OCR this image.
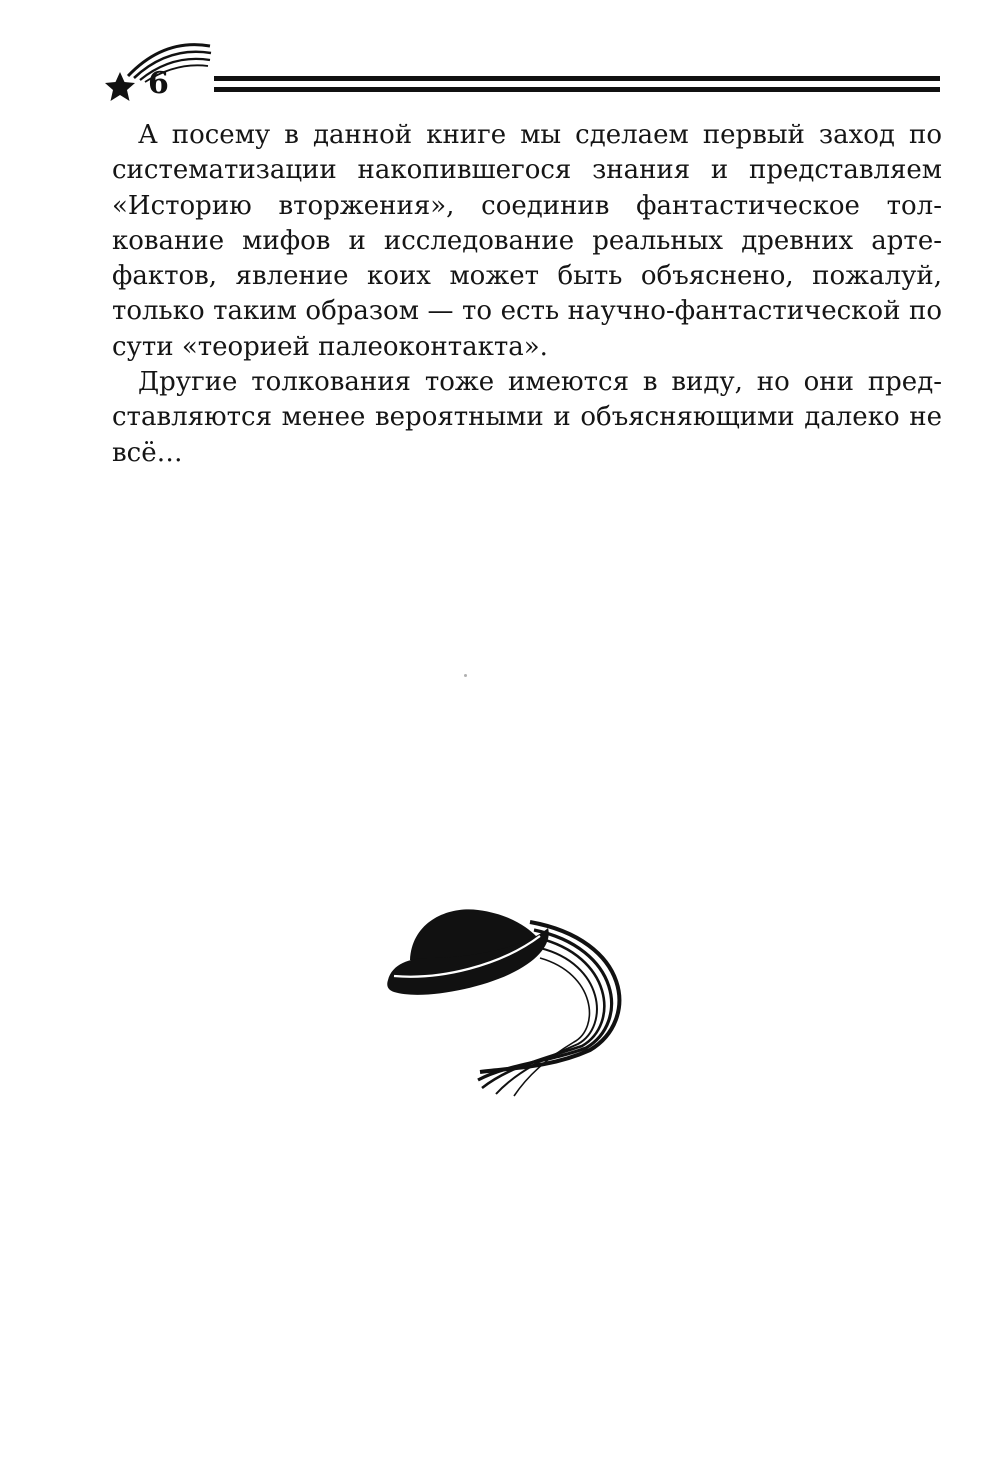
6

А посему в данной книге мы сделаем первый заход по систематизации накопившегося знания и представляем «Историю вторжения», соединив фантастическое толкование мифов и исследование реальных древних артефактов, явление коих может быть объяснено, пожалуй, только таким образом — то есть научно-фантастической по сути «теорией палеоконтакта».

Другие толкования тоже имеются в виду, но они представляются менее вероятными и объясняющими далеко не всё…
